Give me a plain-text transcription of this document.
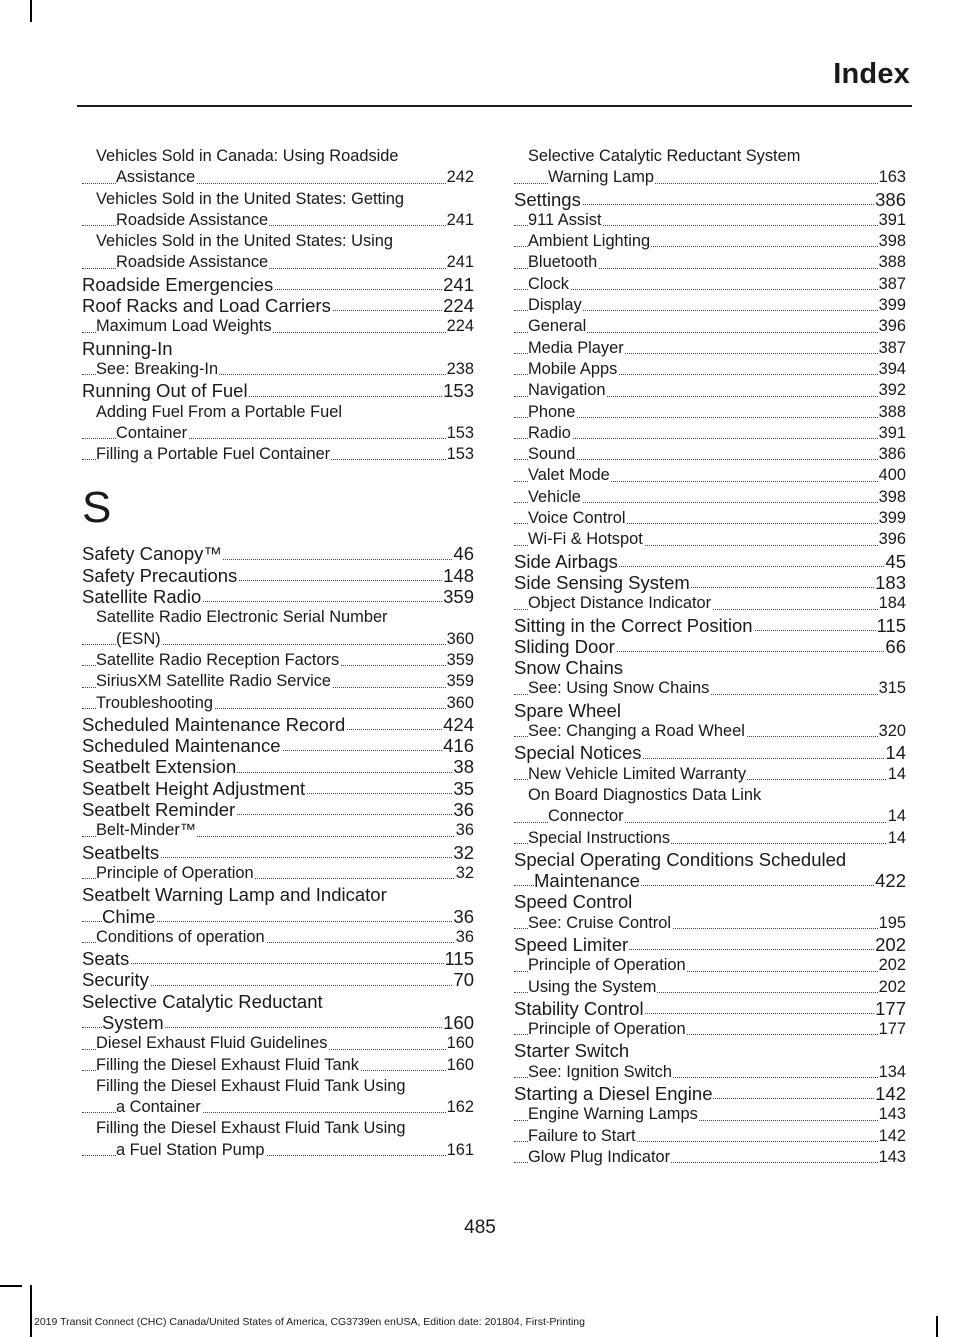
Index
Vehicles Sold in Canada: Using Roadside
Assistance	242
Vehicles Sold in the United States: Getting
Roadside Assistance	241
Vehicles Sold in the United States: Using
Roadside Assistance	241
Roadside Emergencies	241
Roof Racks and Load Carriers	224
Maximum Load Weights	224
Running-In
See: Breaking-In	238
Running Out of Fuel	153
Adding Fuel From a Portable Fuel
Container	153
Filling a Portable Fuel Container	153
S
Safety Canopy™	46
Safety Precautions	148
Satellite Radio	359
Satellite Radio Electronic Serial Number
(ESN)	360
Satellite Radio Reception Factors	359
SiriusXM Satellite Radio Service	359
Troubleshooting	360
Scheduled Maintenance Record	424
Scheduled Maintenance	416
Seatbelt Extension	38
Seatbelt Height Adjustment	35
Seatbelt Reminder	36
Belt-Minder™	36
Seatbelts	32
Principle of Operation	32
Seatbelt Warning Lamp and Indicator
Chime	36
Conditions of operation	36
Seats	115
Security	70
Selective Catalytic Reductant
System	160
Diesel Exhaust Fluid Guidelines	160
Filling the Diesel Exhaust Fluid Tank	160
Filling the Diesel Exhaust Fluid Tank Using
a Container	162
Filling the Diesel Exhaust Fluid Tank Using
a Fuel Station Pump	161
Selective Catalytic Reductant System
Warning Lamp	163
Settings	386
911 Assist	391
Ambient Lighting	398
Bluetooth	388
Clock	387
Display	399
General	396
Media Player	387
Mobile Apps	394
Navigation	392
Phone	388
Radio	391
Sound	386
Valet Mode	400
Vehicle	398
Voice Control	399
Wi-Fi & Hotspot	396
Side Airbags	45
Side Sensing System	183
Object Distance Indicator	184
Sitting in the Correct Position	115
Sliding Door	66
Snow Chains
See: Using Snow Chains	315
Spare Wheel
See: Changing a Road Wheel	320
Special Notices	14
New Vehicle Limited Warranty	14
On Board Diagnostics Data Link
Connector	14
Special Instructions	14
Special Operating Conditions Scheduled
Maintenance	422
Speed Control
See: Cruise Control	195
Speed Limiter	202
Principle of Operation	202
Using the System	202
Stability Control	177
Principle of Operation	177
Starter Switch
See: Ignition Switch	134
Starting a Diesel Engine	142
Engine Warning Lamps	143
Failure to Start	142
Glow Plug Indicator	143
485
2019 Transit Connect (CHC) Canada/United States of America, CG3739en enUSA, Edition date: 201804, First-Printing
